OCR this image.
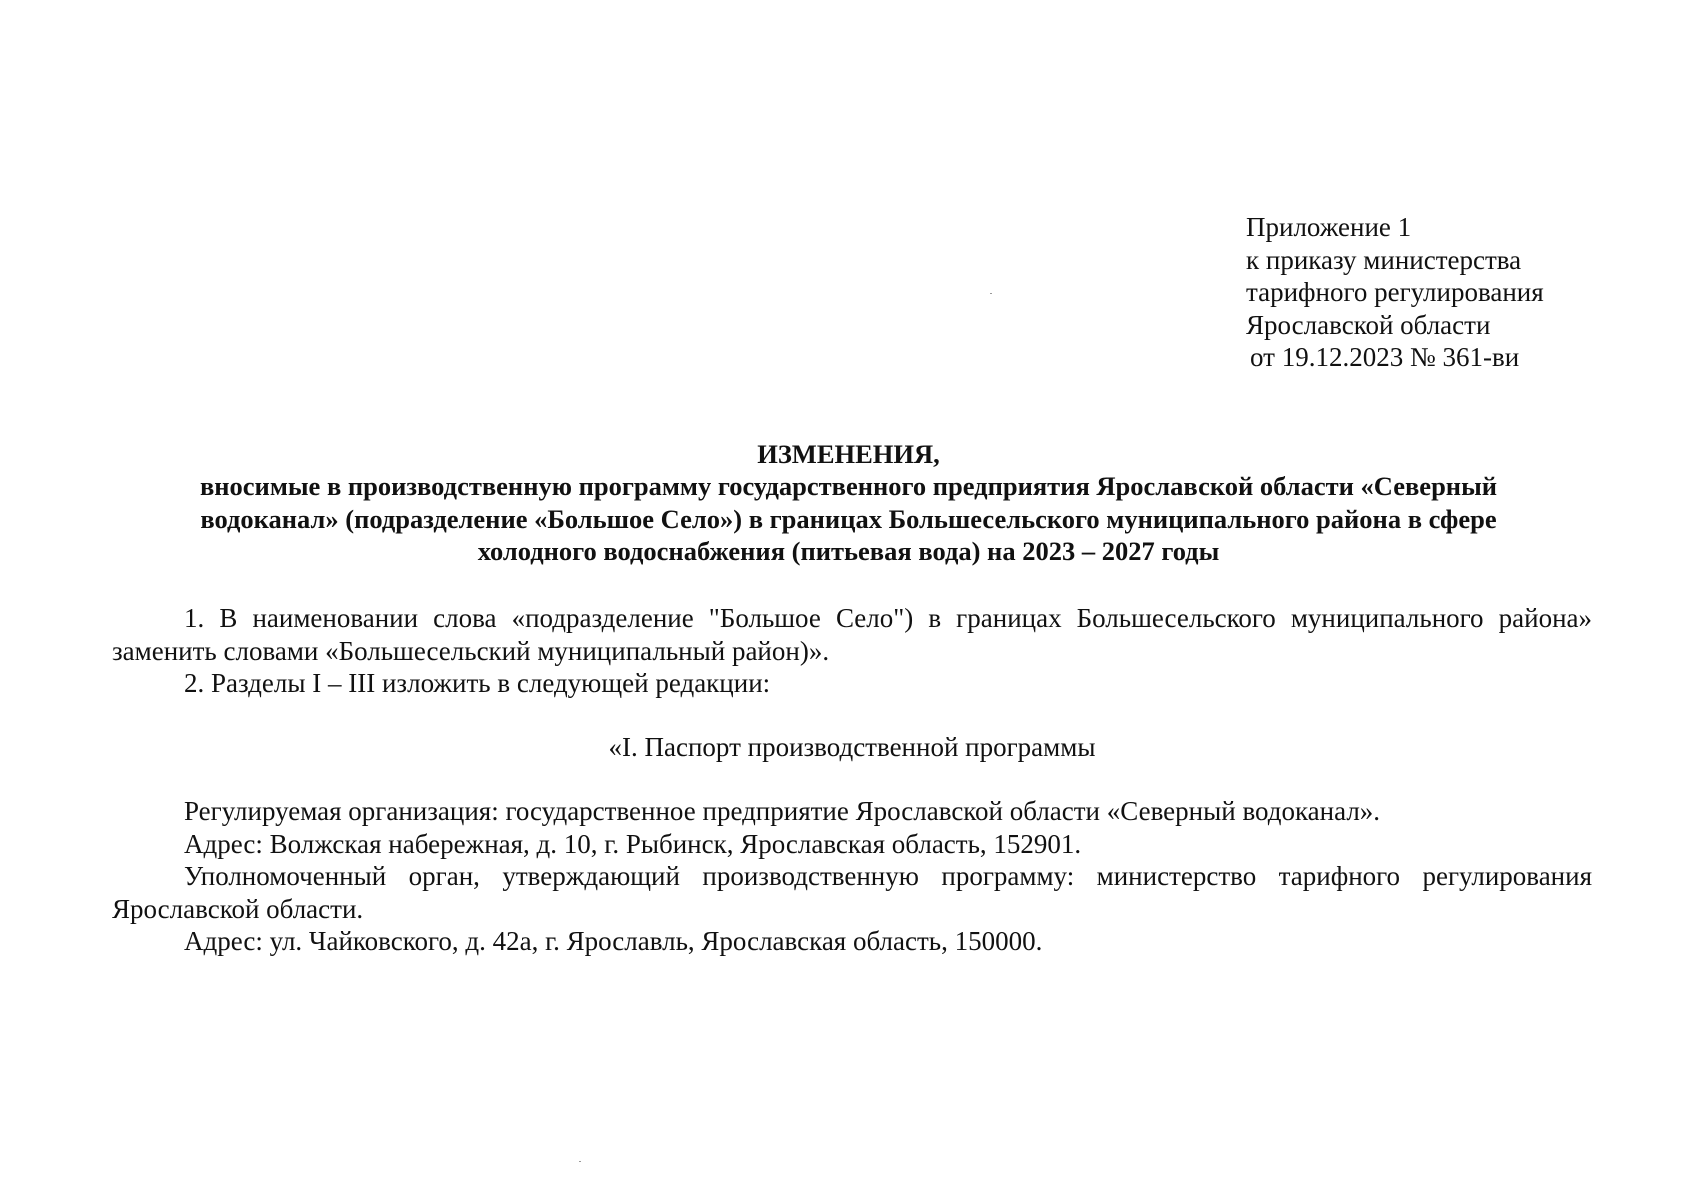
Приложение 1
к приказу министерства
тарифного регулирования
Ярославской области
от 19.12.2023 № 361-ви
ИЗМЕНЕНИЯ,
вносимые в производственную программу государственного предприятия Ярославской области «Северный водоканал» (подразделение «Большое Село») в границах Большесельского муниципального района в сфере холодного водоснабжения (питьевая вода) на 2023 – 2027 годы
1. В наименовании слова «подразделение "Большое Село") в границах Большесельского муниципального района» заменить словами «Большесельский муниципальный район)».
2. Разделы I – III изложить в следующей редакции:
«I. Паспорт производственной программы
Регулируемая организация: государственное предприятие Ярославской области «Северный водоканал».
Адрес: Волжская набережная, д. 10, г. Рыбинск, Ярославская область, 152901.
Уполномоченный орган, утверждающий производственную программу: министерство тарифного регулирования Ярославской области.
Адрес: ул. Чайковского, д. 42а, г. Ярославль, Ярославская область, 150000.
